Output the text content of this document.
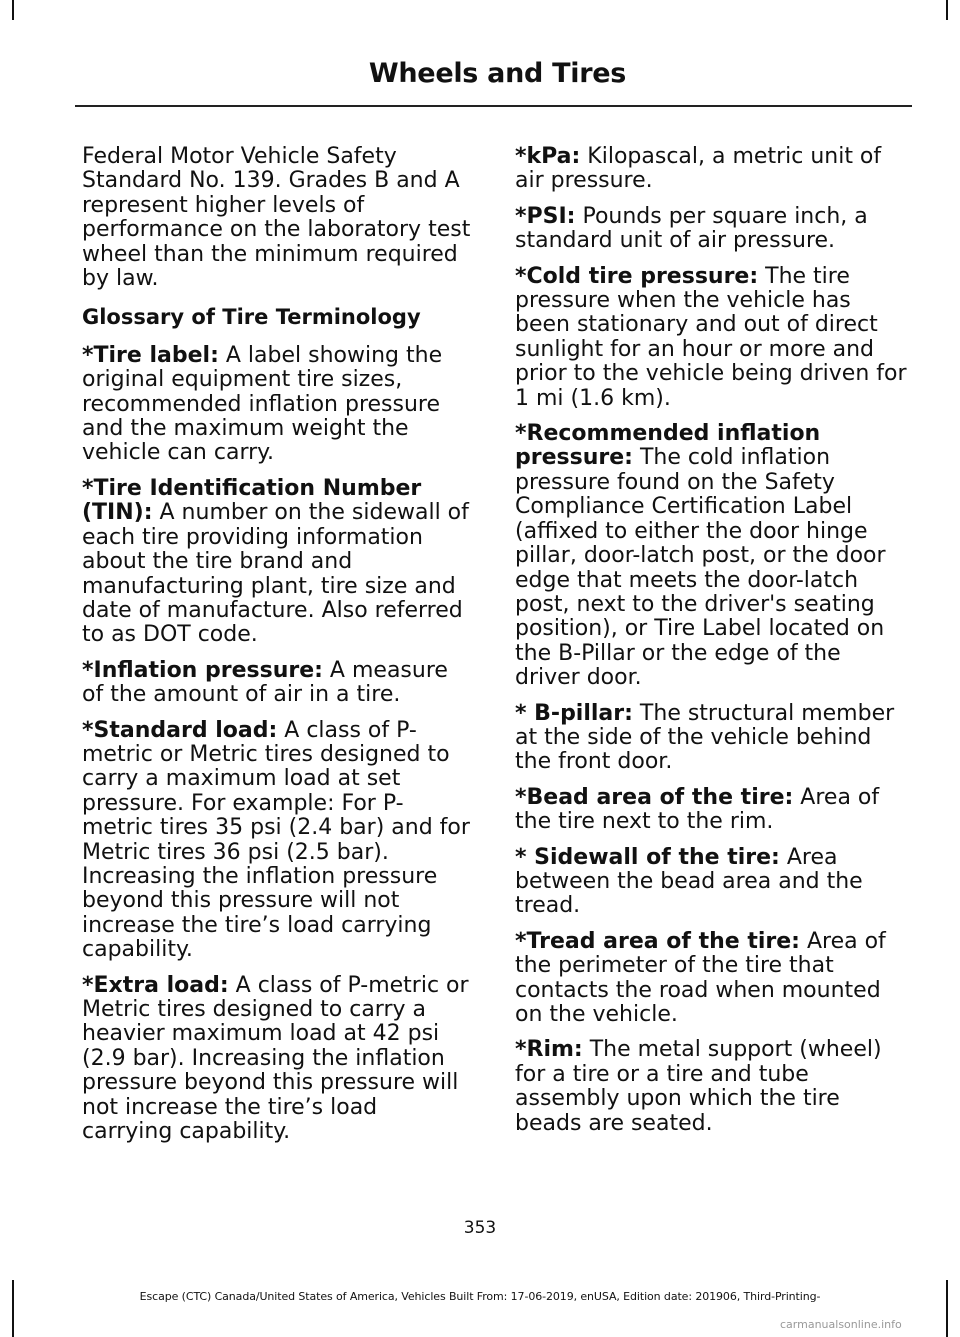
Wheels and Tires

Federal Motor Vehicle Safety Standard No. 139. Grades B and A represent higher levels of performance on the laboratory test wheel than the minimum required by law.

Glossary of Tire Terminology

*Tire label: A label showing the original equipment tire sizes, recommended inflation pressure and the maximum weight the vehicle can carry.

*Tire Identification Number (TIN): A number on the sidewall of each tire providing information about the tire brand and manufacturing plant, tire size and date of manufacture. Also referred to as DOT code.

*Inflation pressure: A measure of the amount of air in a tire.

*Standard load: A class of P-metric or Metric tires designed to carry a maximum load at set pressure. For example: For P-metric tires 35 psi (2.4 bar) and for Metric tires 36 psi (2.5 bar). Increasing the inflation pressure beyond this pressure will not increase the tire’s load carrying capability.

*Extra load: A class of P-metric or Metric tires designed to carry a heavier maximum load at 42 psi (2.9 bar). Increasing the inflation pressure beyond this pressure will not increase the tire’s load carrying capability.

*kPa: Kilopascal, a metric unit of air pressure.

*PSI: Pounds per square inch, a standard unit of air pressure.

*Cold tire pressure: The tire pressure when the vehicle has been stationary and out of direct sunlight for an hour or more and prior to the vehicle being driven for 1 mi (1.6 km).

*Recommended inflation pressure: The cold inflation pressure found on the Safety Compliance Certification Label (affixed to either the door hinge pillar, door-latch post, or the door edge that meets the door-latch post, next to the driver's seating position), or Tire Label located on the B-Pillar or the edge of the driver door.

* B-pillar: The structural member at the side of the vehicle behind the front door.

*Bead area of the tire: Area of the tire next to the rim.

* Sidewall of the tire: Area between the bead area and the tread.

*Tread area of the tire: Area of the perimeter of the tire that contacts the road when mounted on the vehicle.

*Rim: The metal support (wheel) for a tire or a tire and tube assembly upon which the tire beads are seated.

353
Escape (CTC) Canada/United States of America, Vehicles Built From: 17-06-2019, enUSA, Edition date: 201906, Third-Printing-
carmanualsonline.info
